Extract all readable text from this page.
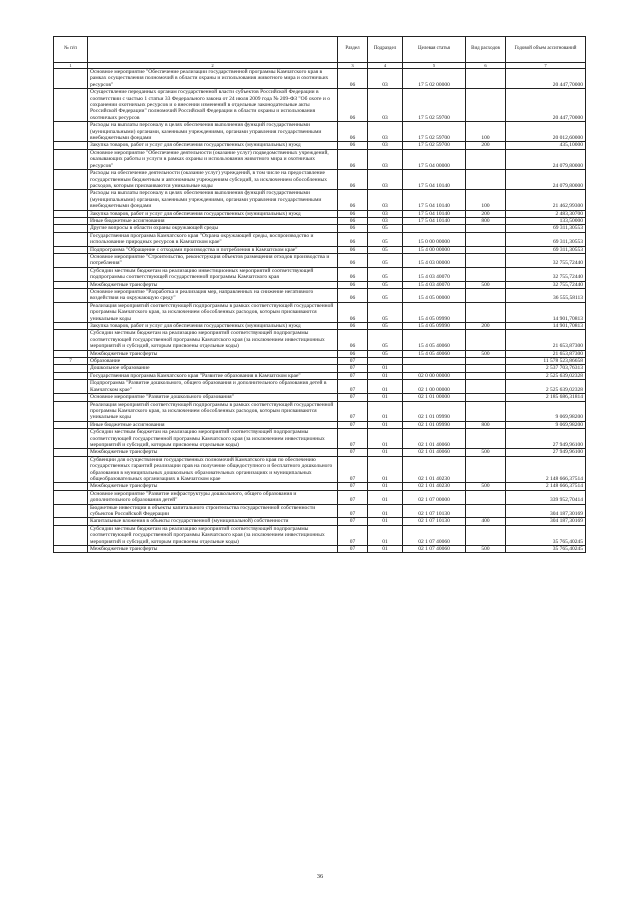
№ п/п		Раздел	Подраздел	Целевая статья	Вид расходов	Годовой объем ассигнований
1	2	3	4	5	6	7
	Основное мероприятие "Обеспечение реализации государственной программы Камчатского края в рамках осуществления полномочий в области охраны и использования животного мира и охотничьих ресурсов"	06	03	17 5 02 00000		20 447,70000
	Осуществление переданных органам государственной власти субъектов Российской Федерации в соответствии с частью 1 статьи 33 Федерального закона от 24 июля 2009 года № 209-ФЗ "Об охоте и о сохранении охотничьих ресурсов и о внесении изменений в отдельные законодательные акты Российской Федерации" полномочий Российской Федерации в области охраны и использования охотничьих ресурсов	06	03	17 5 02 59700		20 447,70000
	Расходы на выплаты персоналу в целях обеспечения выполнения функций государственными (муниципальными) органами, казенными учреждениями, органами управления государственными внебюджетными фондами	06	03	17 5 02 59700	100	20 012,60000
	Закупка товаров, работ и услуг для обеспечения государственных (муниципальных) нужд	06	03	17 5 02 59700	200	435,10000
	Основное мероприятие "Обеспечение деятельности (оказание услуг) подведомственных учреждений, оказывающих работы и услуги в рамках охраны и использования животного мира и охотничьих ресурсов"	06	03	17 5 04 00000		24 079,80000
	Расходы на обеспечение деятельности (оказание услуг) учреждений, в том числе на предоставление государственным бюджетным и автономным учреждениям субсидий, за исключением обособленных расходов, которым присваиваются уникальные коды	06	03	17 5 04 10140		24 079,80000
	Расходы на выплаты персоналу в целях обеспечения выполнения функций государственными (муниципальными) органами, казенными учреждениями, органами управления государственными внебюджетными фондами	06	03	17 5 04 10140	100	21 462,99300
	Закупка товаров, работ и услуг для обеспечения государственных (муниципальных) нужд	06	03	17 5 04 10140	200	2 483,30700
	Иные бюджетные ассигнования	06	03	17 5 04 10140	800	133,50000
	Другие вопросы в области охраны окружающей среды	06	05			69 311,30553
	Государственная программа Камчатского края "Охрана окружающей среды, воспроизводство и использование природных ресурсов в Камчатском крае"	06	05	15 0 00 00000		69 311,30553
	Подпрограмма "Обращение с отходами производства и потребления в Камчатском крае"	06	05	15 4 00 00000		69 311,30553
	Основное мероприятие "Строительство, реконструкция объектов размещения отходов производства и потребления"	06	05	15 4 03 00000		32 755,72440
	Субсидии местным бюджетам на реализацию инвестиционных мероприятий соответствующей подпрограммы соответствующей государственной программы Камчатского края	06	05	15 4 03 40070		32 755,72440
	Межбюджетные трансферты	06	05	15 4 03 40070	500	32 755,72440
	Основное мероприятие "Разработка и реализация мер, направленных на снижение негативного воздействия на окружающую среду"	06	05	15 4 05 00000		36 555,58113
	Реализация мероприятий соответствующей подпрограммы в рамках соответствующей государственной программы Камчатского края, за исключением обособленных расходов, которым присваиваются уникальные коды	06	05	15 4 05 09990		14 901,70813
	Закупка товаров, работ и услуг для обеспечения государственных (муниципальных) нужд	06	05	15 4 05 09990	200	14 901,70813
	Субсидии местным бюджетам на реализацию мероприятий соответствующей подпрограммы соответствующей государственной программы Камчатского края (за исключением инвестиционных мероприятий и субсидий, которым присвоены отдельные коды)	06	05	15 4 05 40060		21 653,87300
	Межбюджетные трансферты	06	05	15 4 05 40060	500	21 653,87300
7	Образование	07				11 578 523,86658
	Дошкольное образование	07	01			2 537 703,76313
	Государственная программа Камчатского края "Развитие образования в Камчатском крае"	07	01	02 0 00 00000		2 525 639,02328
	Подпрограмма "Развитие дошкольного, общего образования и дополнительного образования детей в Камчатском крае"	07	01	02 1 00 00000		2 525 639,02328
	Основное мероприятие "Развитие дошкольного образования"	07	01	02 1 01 00000		2 185 686,31814
	Реализация мероприятий соответствующей подпрограммы в рамках соответствующей государственной программы Камчатского края, за исключением обособленных расходов, которым присваиваются уникальные коды	07	01	02 1 01 09990		9 069,98200
	Иные бюджетные ассигнования	07	01	02 1 01 09990	800	9 069,98200
	Субсидии местным бюджетам на реализацию мероприятий соответствующей подпрограммы соответствующей государственной программы Камчатского края (за исключением инвестиционных мероприятий и субсидий, которым присвоены отдельные коды)	07	01	02 1 01 40060		27 949,96100
	Межбюджетные трансферты	07	01	02 1 01 40060	500	27 949,96100
	Субвенции для осуществления государственных полномочий Камчатского края по обеспечению государственных гарантий реализации прав на получение общедоступного и бесплатного дошкольного образования в муниципальных дошкольных образовательных организациях и муниципальных общеобразовательных организациях в Камчатском крае	07	01	02 1 01 40230		2 148 666,37514
	Межбюджетные трансферты	07	01	02 1 01 40230	500	2 148 666,37514
	Основное мероприятие "Развитие инфраструктуры дошкольного, общего образования и дополнительного образования детей"	07	01	02 1 07 00000		339 952,70414
	Бюджетные инвестиции в объекты капитального строительства государственной собственности субъектов Российской Федерации	07	01	02 1 07 10130		304 187,30169
	Капитальные вложения в объекты государственной (муниципальной) собственности	07	01	02 1 07 10130	400	304 187,30169
	Субсидии местным бюджетам на реализацию мероприятий соответствующей подпрограммы соответствующей государственной программы Камчатского края (за исключением инвестиционных мероприятий и субсидий, которым присвоены отдельные коды)	07	01	02 1 07 40060		35 765,40245
	Межбюджетные трансферты	07	01	02 1 07 40060	500	35 765,40245
36
